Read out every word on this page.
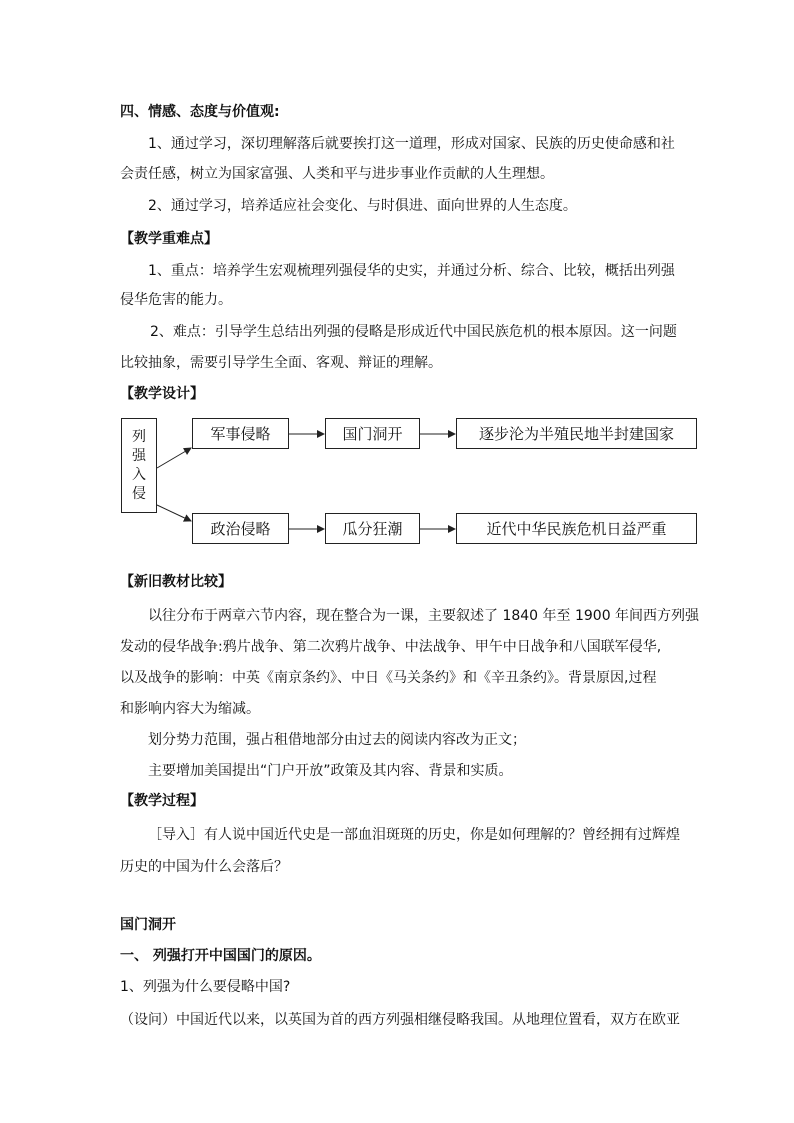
四、情感、态度与价值观:
1、通过学习，深切理解落后就要挨打这一道理，形成对国家、民族的历史使命感和社
会责任感，树立为国家富强、人类和平与进步事业作贡献的人生理想。
2、通过学习，培养适应社会变化、与时俱进、面向世界的人生态度。
【教学重难点】
1、重点：培养学生宏观梳理列强侵华的史实，并通过分析、综合、比较，概括出列强
侵华危害的能力。
2、难点：引导学生总结出列强的侵略是形成近代中国民族危机的根本原因。这一问题
比较抽象，需要引导学生全面、客观、辩证的理解。
【教学设计】
列
强
入
侵
军事侵略	国门洞开	逐步沦为半殖民地半封建国家
政治侵略	瓜分狂潮	近代中华民族危机日益严重
【新旧教材比较】
以往分布于两章六节内容，现在整合为一课，主要叙述了 1840 年至 1900 年间西方列强
发动的侵华战争:鸦片战争、第二次鸦片战争、中法战争、甲午中日战争和八国联军侵华,
以及战争的影响：中英《南京条约》、中日《马关条约》和《辛丑条约》。背景原因,过程
和影响内容大为缩减。
划分势力范围，强占租借地部分由过去的阅读内容改为正文；
主要增加美国提出“门户开放”政策及其内容、背景和实质。
【教学过程】
［导入］有人说中国近代史是一部血泪斑斑的历史，你是如何理解的？曾经拥有过辉煌
历史的中国为什么会落后？
国门洞开
一、 列强打开中国国门的原因。
1、列强为什么要侵略中国?
（设问）中国近代以来，以英国为首的西方列强相继侵略我国。从地理位置看，双方在欧亚
